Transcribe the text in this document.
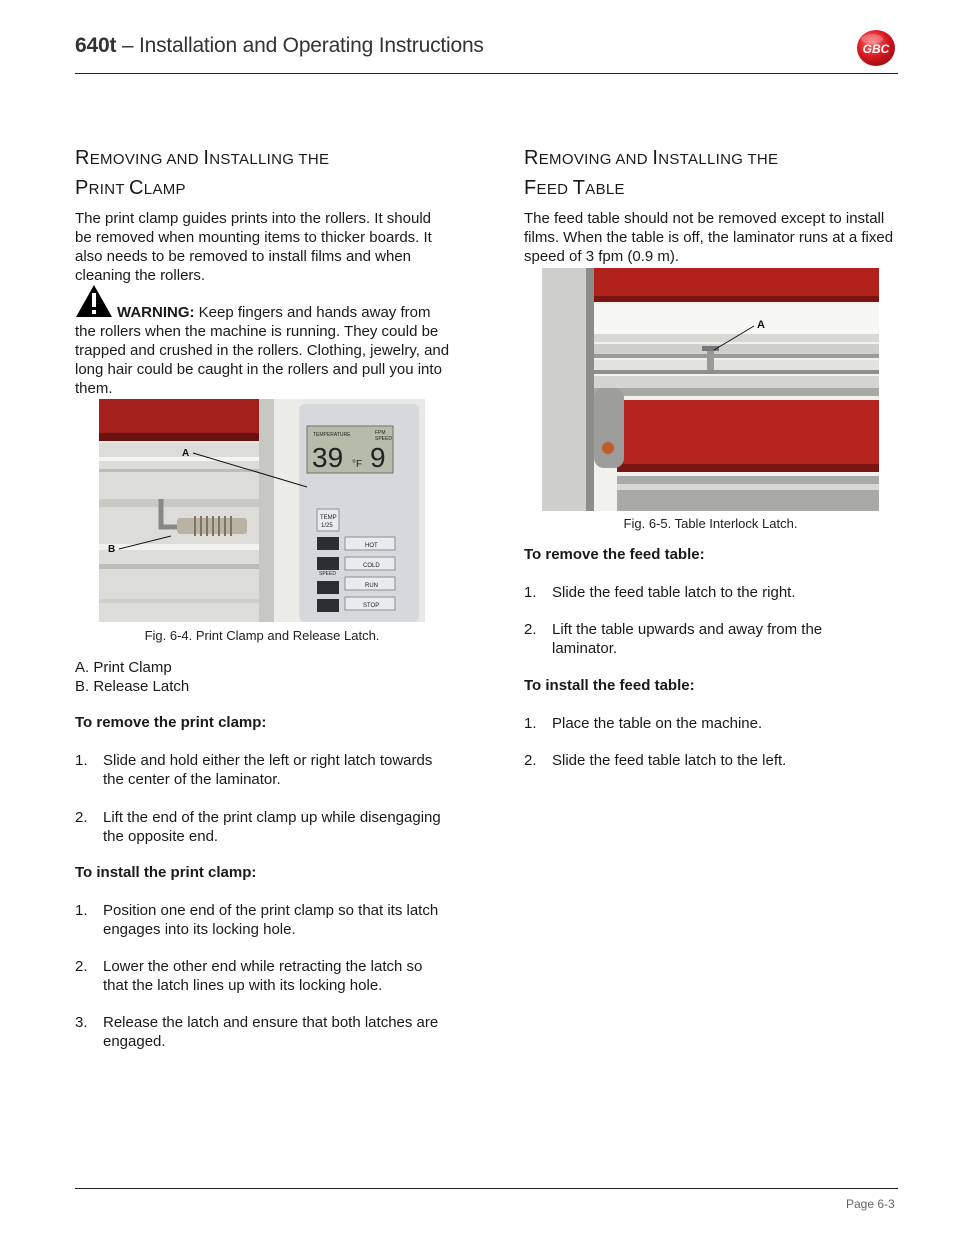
640t – Installation and Operating Instructions	GBC
REMOVING AND INSTALLING THE
PRINT CLAMP

The print clamp guides prints into the rollers. It should be removed when mounting items to thicker boards. It also needs to be removed to install films and when cleaning the rollers.

WARNING: Keep fingers and hands away from the rollers when the machine is running. They could be trapped and crushed in the rollers. Clothing, jewelry, and long hair could be caught in the rollers and pull you into them.

TEMPERATURE	FPM
SPEED
39 °F 9
TEMP
1/25
SPEED
HOT
COLD
RUN
STOP
A
B
Fig. 6-4. Print Clamp and Release Latch.
A. Print Clamp
B. Release Latch
To remove the print clamp:
1. Slide and hold either the left or right latch towards the center of the laminator.
2. Lift the end of the print clamp up while disengaging the opposite end.
To install the print clamp:
1. Position one end of the print clamp so that its latch engages into its locking hole.
2. Lower the other end while retracting the latch so that the latch lines up with its locking hole.
3. Release the latch and ensure that both latches are engaged.
REMOVING AND INSTALLING THE
FEED TABLE

The feed table should not be removed except to install films. When the table is off, the laminator runs at a fixed speed of 3 fpm (0.9 m).

A
Fig. 6-5. Table Interlock Latch.
To remove the feed table:
1. Slide the feed table latch to the right.
2. Lift the table upwards and away from the laminator.
To install the feed table:
1. Place the table on the machine.
2. Slide the feed table latch to the left.
Page 6-3
